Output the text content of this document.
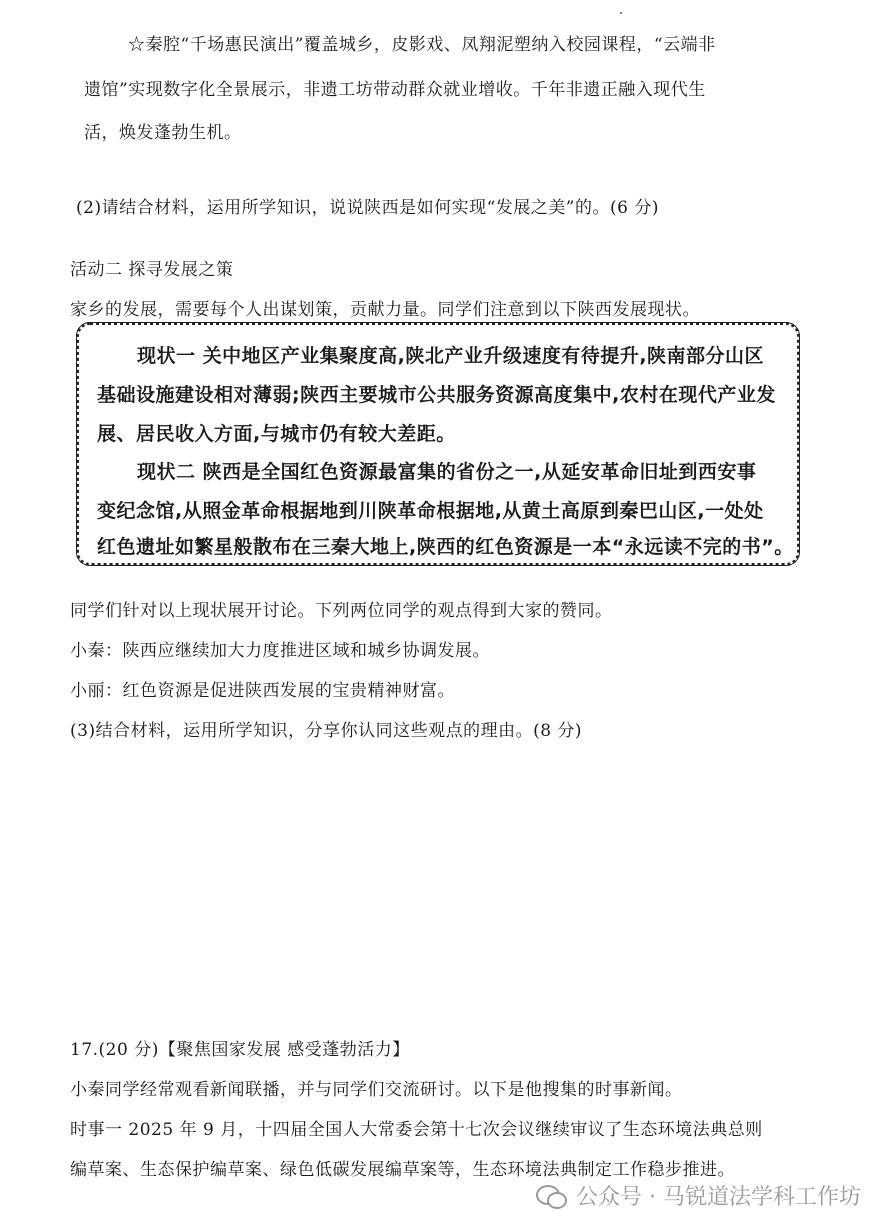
☆秦腔“千场惠民演出”覆盖城乡，皮影戏、凤翔泥塑纳入校园课程，“云端非
遗馆”实现数字化全景展示，非遗工坊带动群众就业增收。千年非遗正融入现代生
活，焕发蓬勃生机。
(2)请结合材料，运用所学知识，说说陕西是如何实现“发展之美”的。(6 分)
活动二 探寻发展之策
家乡的发展，需要每个人出谋划策，贡献力量。同学们注意到以下陕西发展现状。
现状一 关中地区产业集聚度高,陕北产业升级速度有待提升,陕南部分山区
基础设施建设相对薄弱;陕西主要城市公共服务资源高度集中,农村在现代产业发
展、居民收入方面,与城市仍有较大差距。
现状二 陕西是全国红色资源最富集的省份之一,从延安革命旧址到西安事
变纪念馆,从照金革命根据地到川陕革命根据地,从黄土高原到秦巴山区,一处处
红色遗址如繁星般散布在三秦大地上,陕西的红色资源是一本“永远读不完的书”。
同学们针对以上现状展开讨论。下列两位同学的观点得到大家的赞同。
小秦：陕西应继续加大力度推进区域和城乡协调发展。
小丽：红色资源是促进陕西发展的宝贵精神财富。
(3)结合材料，运用所学知识，分享你认同这些观点的理由。(8 分)
17.(20 分)【聚焦国家发展 感受蓬勃活力】
小秦同学经常观看新闻联播，并与同学们交流研讨。以下是他搜集的时事新闻。
时事一 2025 年 9 月，十四届全国人大常委会第十七次会议继续审议了生态环境法典总则
编草案、生态保护编草案、绿色低碳发展编草案等，生态环境法典制定工作稳步推进。
公众号 · 马锐道法学科工作坊
